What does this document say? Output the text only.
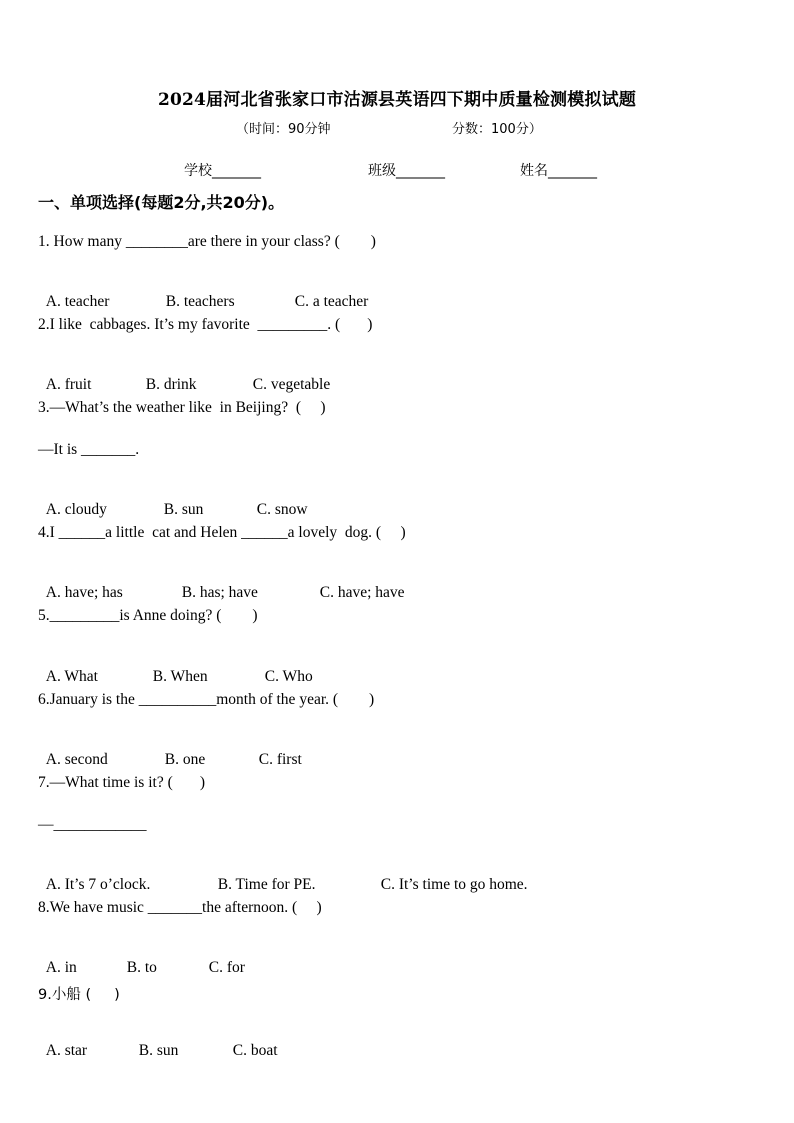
2024届河北省张家口市沽源县英语四下期中质量检测模拟试题
（时间：90分钟	分数：100分）
学校_______	班级_______	姓名_______
一、单项选择(每题2分,共20分)。
1. How many ________are there in your class? (        )

A. teacher	B. teachers	C. a teacher

2.I like  cabbages. It’s my favorite  _________. (       )

A. fruit	B. drink	C. vegetable

3.—What’s the weather like  in Beijing?  (     )
—It is _______.

A. cloudy	B. sun	C. snow

4.I ______a little  cat and Helen ______a lovely  dog. (     )

A. have; has	B. has; have	C. have; have

5._________is Anne doing? (        )

A. What	B. When	C. Who

6.January is the __________month of the year. (        )

A. second	B. one	C. first

7.—What time is it? (       )
—____________

A. It’s 7 o’clock.	B. Time for PE.	C. It’s time to go home.

8.We have music _______the afternoon. (     )

A. in	B. to	C. for

9.小船 (     )

A. star	B. sun	C. boat
